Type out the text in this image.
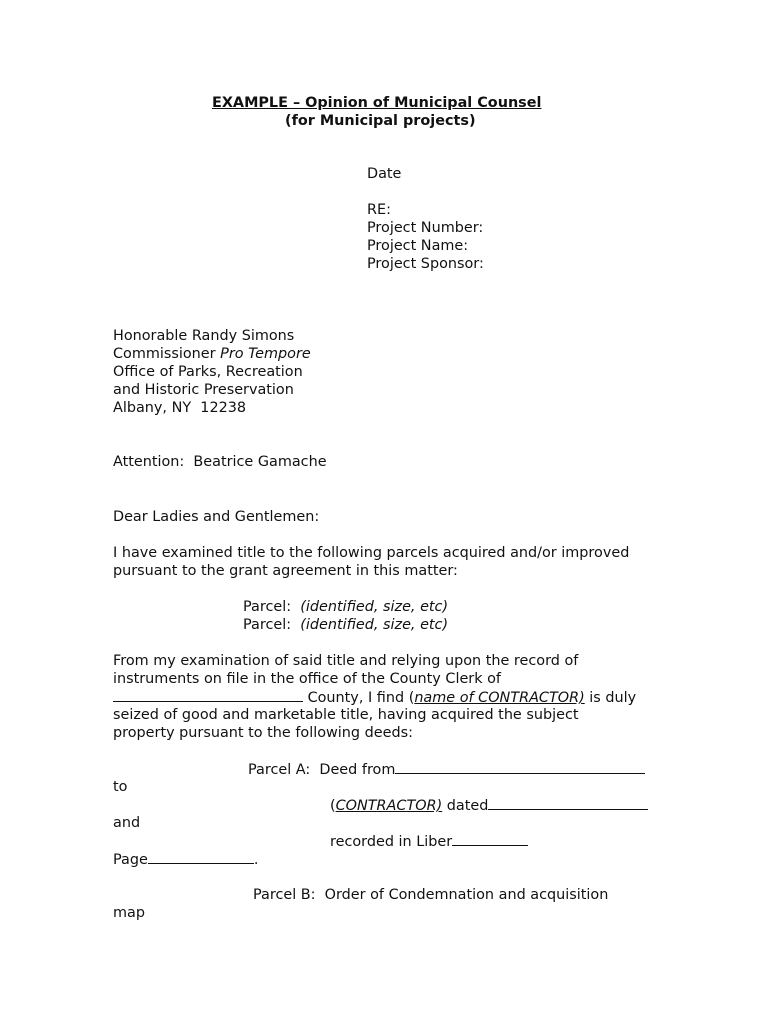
EXAMPLE – Opinion of Municipal Counsel
(for Municipal projects)
Date
RE:
Project Number:
Project Name:
Project Sponsor:
Honorable Randy Simons
Commissioner Pro Tempore
Office of Parks, Recreation
and Historic Preservation
Albany, NY  12238
Attention:  Beatrice Gamache
Dear Ladies and Gentlemen:
I have examined title to the following parcels acquired and/or improved
pursuant to the grant agreement in this matter:
Parcel:  (identified, size, etc)
Parcel:  (identified, size, etc)
From my examination of said title and relying upon the record of
instruments on file in the office of the County Clerk of
County, I find (name of CONTRACTOR) is duly
seized of good and marketable title, having acquired the subject
property pursuant to the following deeds:
Parcel A:  Deed from
to
(CONTRACTOR) dated
and
recorded in Liber
Page	.
Parcel B:  Order of Condemnation and acquisition
map
